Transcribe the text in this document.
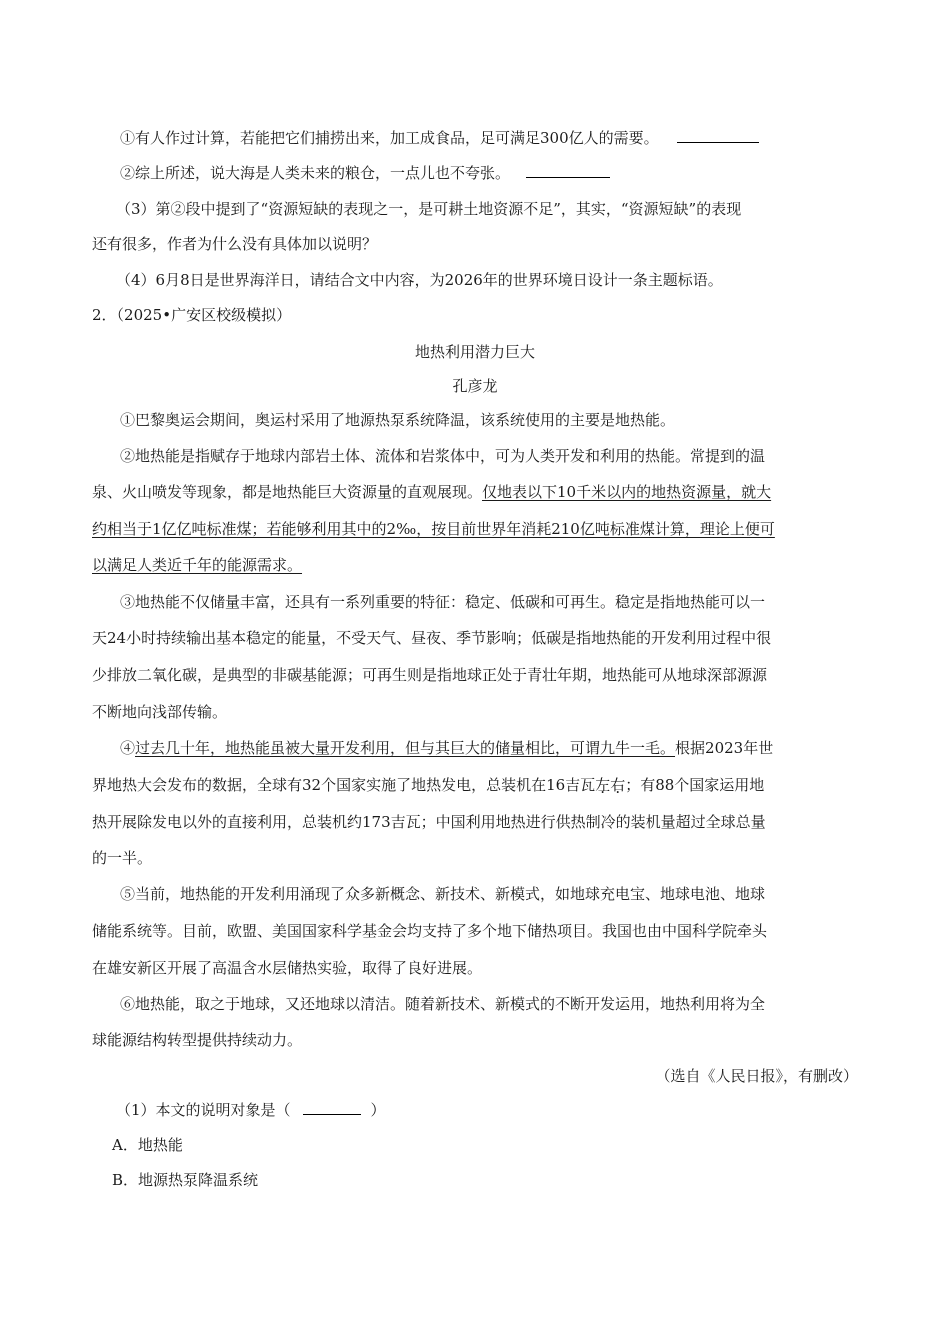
①有人作过计算，若能把它们捕捞出来，加工成食品，足可满足300亿人的需要。
②综上所述，说大海是人类未来的粮仓，一点儿也不夸张。
（3）第②段中提到了“资源短缺的表现之一，是可耕土地资源不足”，其实，“资源短缺”的表现
还有很多，作者为什么没有具体加以说明？
（4）6月8日是世界海洋日，请结合文中内容，为2026年的世界环境日设计一条主题标语。
2．（2025•广安区校级模拟）
地热利用潜力巨大
孔彦龙
①巴黎奥运会期间，奥运村采用了地源热泵系统降温，该系统使用的主要是地热能。
②地热能是指赋存于地球内部岩土体、流体和岩浆体中，可为人类开发和利用的热能。常提到的温
泉、火山喷发等现象，都是地热能巨大资源量的直观展现。仅地表以下10千米以内的地热资源量，就大
约相当于1亿亿吨标准煤；若能够利用其中的2‰，按目前世界年消耗210亿吨标准煤计算，理论上便可
以满足人类近千年的能源需求。
③地热能不仅储量丰富，还具有一系列重要的特征：稳定、低碳和可再生。稳定是指地热能可以一
天24小时持续输出基本稳定的能量，不受天气、昼夜、季节影响；低碳是指地热能的开发利用过程中很
少排放二氧化碳，是典型的非碳基能源；可再生则是指地球正处于青壮年期，地热能可从地球深部源源
不断地向浅部传输。
④过去几十年，地热能虽被大量开发利用，但与其巨大的储量相比，可谓九牛一毛。根据2023年世
界地热大会发布的数据，全球有32个国家实施了地热发电，总装机在16吉瓦左右；有88个国家运用地
热开展除发电以外的直接利用，总装机约173吉瓦；中国利用地热进行供热制冷的装机量超过全球总量
的一半。
⑤当前，地热能的开发利用涌现了众多新概念、新技术、新模式，如地球充电宝、地球电池、地球
储能系统等。目前，欧盟、美国国家科学基金会均支持了多个地下储热项目。我国也由中国科学院牵头
在雄安新区开展了高温含水层储热实验，取得了良好进展。
⑥地热能，取之于地球，又还地球以清洁。随着新技术、新模式的不断开发运用，地热利用将为全
球能源结构转型提供持续动力。
（选自《人民日报》，有删改）
（1）本文的说明对象是（	）
A．地热能
B．地源热泵降温系统
